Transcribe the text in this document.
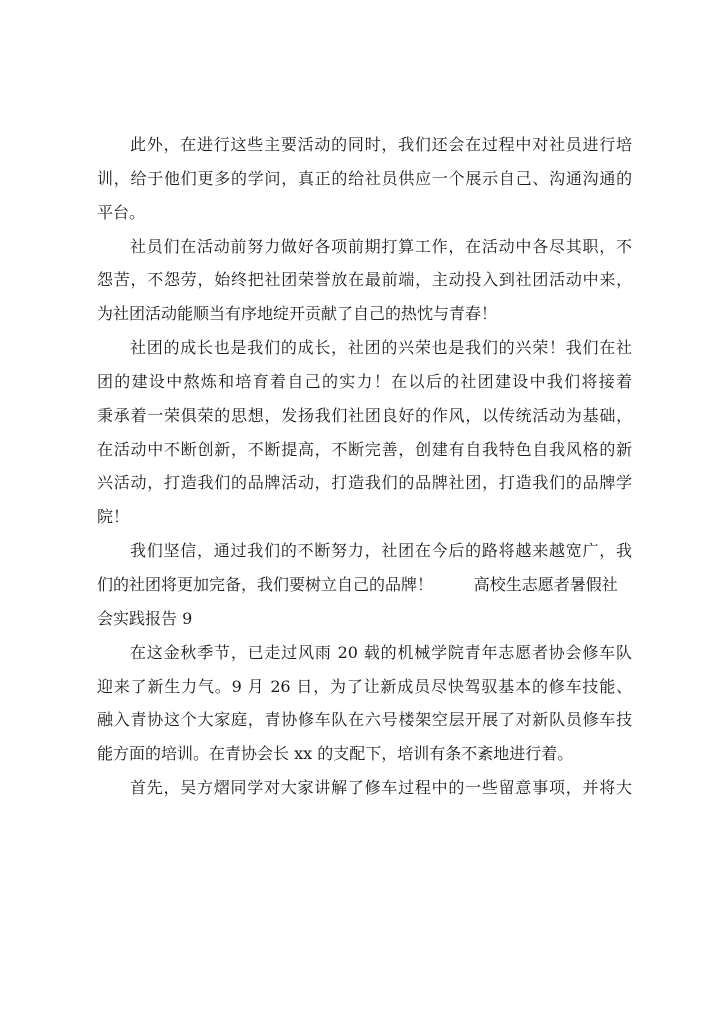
此外，在进行这些主要活动的同时，我们还会在过程中对社员进行培
训，给于他们更多的学问，真正的给社员供应一个展示自己、沟通沟通的
平台。
社员们在活动前努力做好各项前期打算工作，在活动中各尽其职，不
怨苦，不怨劳，始终把社团荣誉放在最前端，主动投入到社团活动中来，
为社团活动能顺当有序地绽开贡献了自己的热忱与青春！
社团的成长也是我们的成长，社团的兴荣也是我们的兴荣！我们在社
团的建设中熬炼和培育着自己的实力！在以后的社团建设中我们将接着
秉承着一荣俱荣的思想，发扬我们社团良好的作风，以传统活动为基础，
在活动中不断创新，不断提高，不断完善，创建有自我特色自我风格的新
兴活动，打造我们的品牌活动，打造我们的品牌社团，打造我们的品牌学
院！
我们坚信，通过我们的不断努力，社团在今后的路将越来越宽广，我
们的社团将更加完备，我们要树立自己的品牌！        高校生志愿者暑假社
会实践报告 9
在这金秋季节，已走过风雨 20 载的机械学院青年志愿者协会修车队
迎来了新生力气。9 月 26 日，为了让新成员尽快驾驭基本的修车技能、
融入青协这个大家庭，青协修车队在六号楼架空层开展了对新队员修车技
能方面的培训。在青协会长 xx 的支配下，培训有条不紊地进行着。
首先，吴方熠同学对大家讲解了修车过程中的一些留意事项，并将大
